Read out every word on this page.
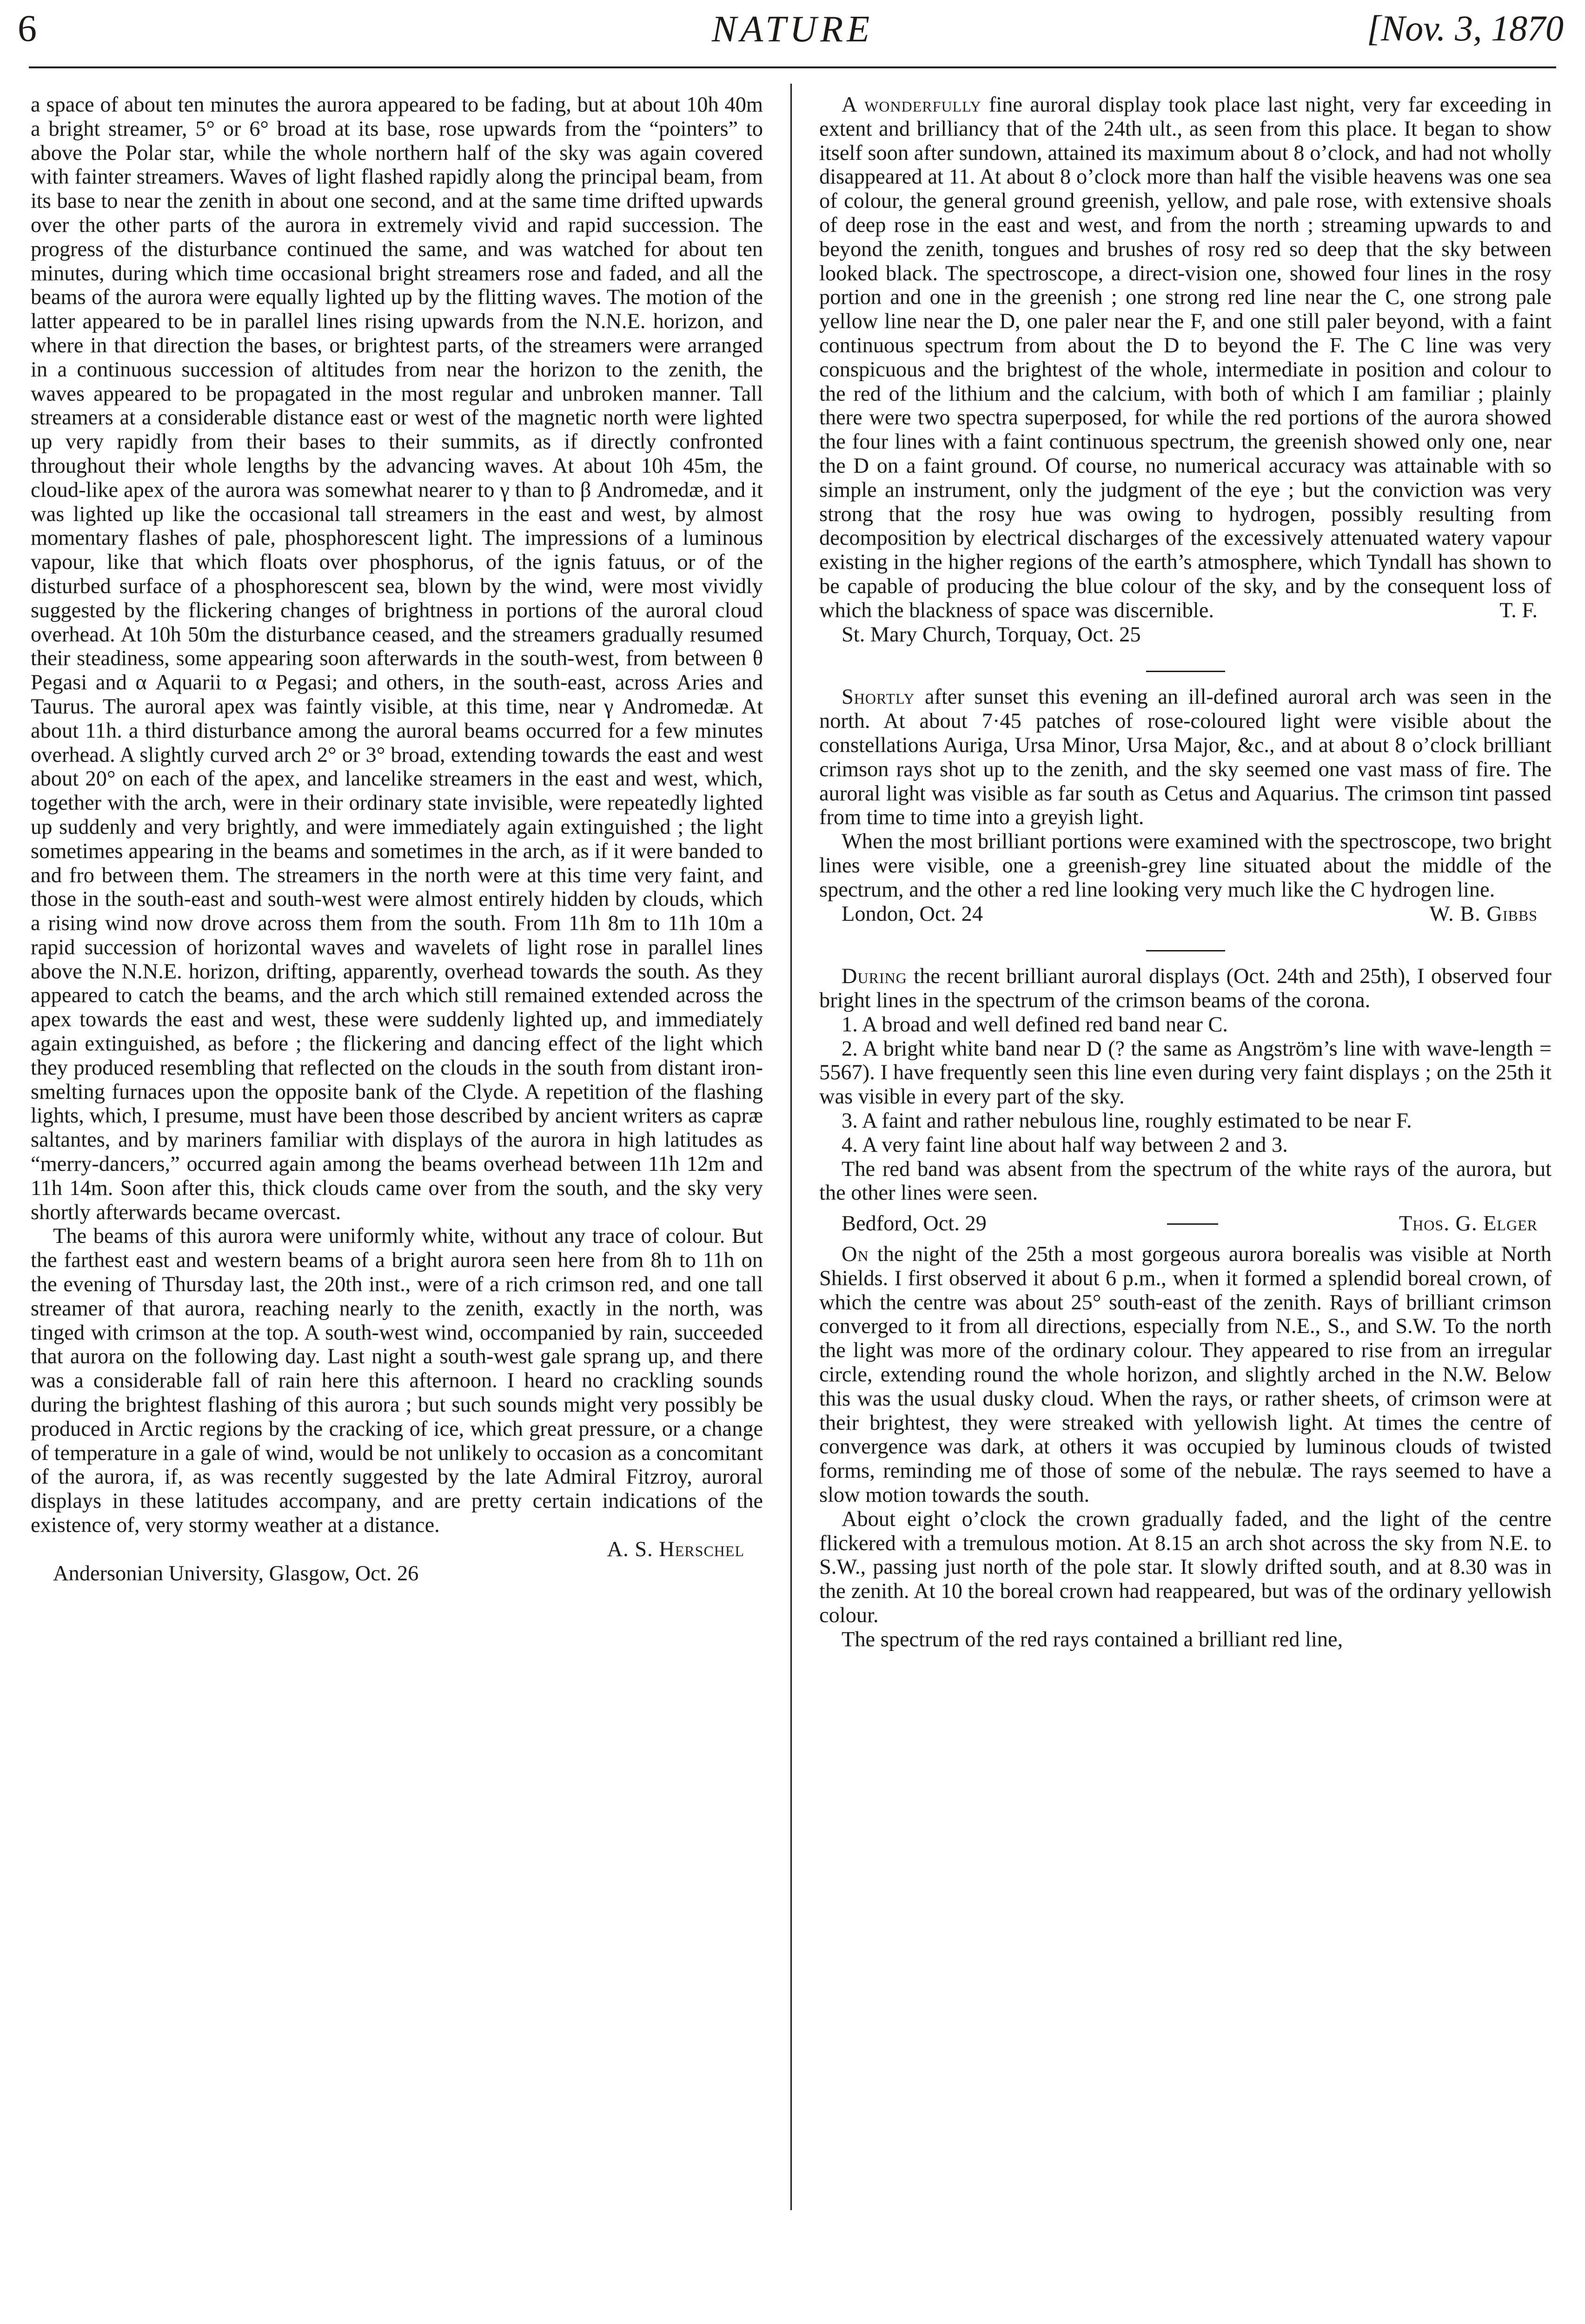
6	NATURE	[Nov. 3, 1870

a space of about ten minutes the aurora appeared to be fading, but at about 10h 40m a bright streamer, 5° or 6° broad at its base, rose upwards from the “pointers” to above the Polar star, while the whole northern half of the sky was again covered with fainter streamers. Waves of light flashed rapidly along the principal beam, from its base to near the zenith in about one second, and at the same time drifted upwards over the other parts of the aurora in extremely vivid and rapid succession. The progress of the disturbance continued the same, and was watched for about ten minutes, during which time occasional bright streamers rose and faded, and all the beams of the aurora were equally lighted up by the flitting waves. The motion of the latter appeared to be in parallel lines rising upwards from the N.N.E. horizon, and where in that direction the bases, or brightest parts, of the streamers were arranged in a continuous succession of altitudes from near the horizon to the zenith, the waves appeared to be propagated in the most regular and unbroken manner. Tall streamers at a considerable distance east or west of the magnetic north were lighted up very rapidly from their bases to their summits, as if directly confronted throughout their whole lengths by the advancing waves. At about 10h 45m, the cloud-like apex of the aurora was somewhat nearer to γ than to β Andromedæ, and it was lighted up like the occasional tall streamers in the east and west, by almost momentary flashes of pale, phosphorescent light. The impressions of a luminous vapour, like that which floats over phosphorus, of the ignis fatuus, or of the disturbed surface of a phosphorescent sea, blown by the wind, were most vividly suggested by the flickering changes of brightness in portions of the auroral cloud overhead. At 10h 50m the disturbance ceased, and the streamers gradually resumed their steadiness, some appearing soon afterwards in the south-west, from between θ Pegasi and α Aquarii to α Pegasi; and others, in the south-east, across Aries and Taurus. The auroral apex was faintly visible, at this time, near γ Andromedæ. At about 11h. a third disturbance among the auroral beams occurred for a few minutes overhead. A slightly curved arch 2° or 3° broad, extending towards the east and west about 20° on each of the apex, and lancelike streamers in the east and west, which, together with the arch, were in their ordinary state invisible, were repeatedly lighted up suddenly and very brightly, and were immediately again extinguished ; the light sometimes appearing in the beams and sometimes in the arch, as if it were banded to and fro between them. The streamers in the north were at this time very faint, and those in the south-east and south-west were almost entirely hidden by clouds, which a rising wind now drove across them from the south. From 11h 8m to 11h 10m a rapid succession of horizontal waves and wavelets of light rose in parallel lines above the N.N.E. horizon, drifting, apparently, overhead towards the south. As they appeared to catch the beams, and the arch which still remained extended across the apex towards the east and west, these were suddenly lighted up, and immediately again extinguished, as before ; the flickering and dancing effect of the light which they produced resembling that reflected on the clouds in the south from distant iron-smelting furnaces upon the opposite bank of the Clyde. A repetition of the flashing lights, which, I presume, must have been those described by ancient writers as capræ saltantes, and by mariners familiar with displays of the aurora in high latitudes as “merry-dancers,” occurred again among the beams overhead between 11h 12m and 11h 14m. Soon after this, thick clouds came over from the south, and the sky very shortly afterwards became overcast.

The beams of this aurora were uniformly white, without any trace of colour. But the farthest east and western beams of a bright aurora seen here from 8h to 11h on the evening of Thursday last, the 20th inst., were of a rich crimson red, and one tall streamer of that aurora, reaching nearly to the zenith, exactly in the north, was tinged with crimson at the top. A south-west wind, occompanied by rain, succeeded that aurora on the following day. Last night a south-west gale sprang up, and there was a considerable fall of rain here this afternoon. I heard no crackling sounds during the brightest flashing of this aurora ; but such sounds might very possibly be produced in Arctic regions by the cracking of ice, which great pressure, or a change of temperature in a gale of wind, would be not unlikely to occasion as a concomitant of the aurora, if, as was recently suggested by the late Admiral Fitzroy, auroral displays in these latitudes accompany, and are pretty certain indications of the existence of, very stormy weather at a distance.

A. S. Herschel

Andersonian University, Glasgow, Oct. 26

A wonderfully fine auroral display took place last night, very far exceeding in extent and brilliancy that of the 24th ult., as seen from this place. It began to show itself soon after sundown, attained its maximum about 8 o’clock, and had not wholly disappeared at 11. At about 8 o’clock more than half the visible heavens was one sea of colour, the general ground greenish, yellow, and pale rose, with extensive shoals of deep rose in the east and west, and from the north ; streaming upwards to and beyond the zenith, tongues and brushes of rosy red so deep that the sky between looked black. The spectroscope, a direct-vision one, showed four lines in the rosy portion and one in the greenish ; one strong red line near the C, one strong pale yellow line near the D, one paler near the F, and one still paler beyond, with a faint continuous spectrum from about the D to beyond the F. The C line was very conspicuous and the brightest of the whole, intermediate in position and colour to the red of the lithium and the calcium, with both of which I am familiar ; plainly there were two spectra superposed, for while the red portions of the aurora showed the four lines with a faint continuous spectrum, the greenish showed only one, near the D on a faint ground. Of course, no numerical accuracy was attainable with so simple an instrument, only the judgment of the eye ; but the conviction was very strong that the rosy hue was owing to hydrogen, possibly resulting from decomposition by electrical discharges of the excessively attenuated watery vapour existing in the higher regions of the earth’s atmosphere, which Tyndall has shown to be capable of producing the blue colour of the sky, and by the consequent loss of which the blackness of space was discernible.	T. F.

St. Mary Church, Torquay, Oct. 25

Shortly after sunset this evening an ill-defined auroral arch was seen in the north. At about 7·45 patches of rose-coloured light were visible about the constellations Auriga, Ursa Minor, Ursa Major, &c., and at about 8 o’clock brilliant crimson rays shot up to the zenith, and the sky seemed one vast mass of fire. The auroral light was visible as far south as Cetus and Aquarius. The crimson tint passed from time to time into a greyish light.

When the most brilliant portions were examined with the spectroscope, two bright lines were visible, one a greenish-grey line situated about the middle of the spectrum, and the other a red line looking very much like the C hydrogen line.

London, Oct. 24	W. B. Gibbs

During the recent brilliant auroral displays (Oct. 24th and 25th), I observed four bright lines in the spectrum of the crimson beams of the corona.

1. A broad and well defined red band near C.

2. A bright white band near D (? the same as Angström’s line with wave-length = 5567). I have frequently seen this line even during very faint displays ; on the 25th it was visible in every part of the sky.

3. A faint and rather nebulous line, roughly estimated to be near F.

4. A very faint line about half way between 2 and 3.

The red band was absent from the spectrum of the white rays of the aurora, but the other lines were seen.

Bedford, Oct. 29	Thos. G. Elger

On the night of the 25th a most gorgeous aurora borealis was visible at North Shields. I first observed it about 6 p.m., when it formed a splendid boreal crown, of which the centre was about 25° south-east of the zenith. Rays of brilliant crimson converged to it from all directions, especially from N.E., S., and S.W. To the north the light was more of the ordinary colour. They appeared to rise from an irregular circle, extending round the whole horizon, and slightly arched in the N.W. Below this was the usual dusky cloud. When the rays, or rather sheets, of crimson were at their brightest, they were streaked with yellowish light. At times the centre of convergence was dark, at others it was occupied by luminous clouds of twisted forms, reminding me of those of some of the nebulæ. The rays seemed to have a slow motion towards the south.

About eight o’clock the crown gradually faded, and the light of the centre flickered with a tremulous motion. At 8.15 an arch shot across the sky from N.E. to S.W., passing just north of the pole star. It slowly drifted south, and at 8.30 was in the zenith. At 10 the boreal crown had reappeared, but was of the ordinary yellowish colour.

The spectrum of the red rays contained a brilliant red line,
